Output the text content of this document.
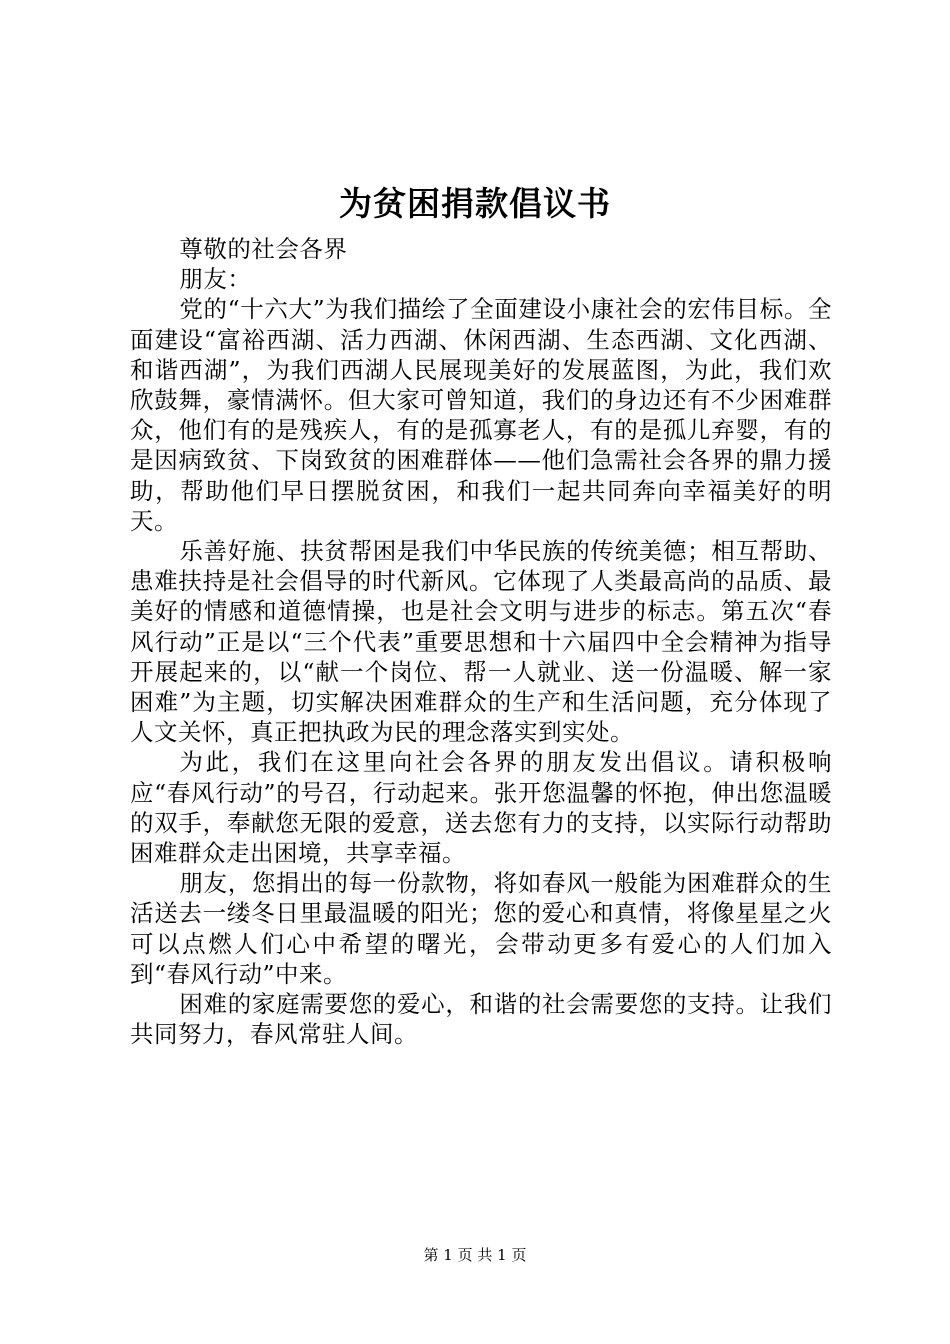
为贫困捐款倡议书

尊敬的社会各界

朋友：

党的“十六大”为我们描绘了全面建设小康社会的宏伟目标。全面建设“富裕西湖、活力西湖、休闲西湖、生态西湖、文化西湖、和谐西湖”，为我们西湖人民展现美好的发展蓝图，为此，我们欢欣鼓舞，豪情满怀。但大家可曾知道，我们的身边还有不少困难群众，他们有的是残疾人，有的是孤寡老人，有的是孤儿弃婴，有的是因病致贫、下岗致贫的困难群体——他们急需社会各界的鼎力援助，帮助他们早日摆脱贫困，和我们一起共同奔向幸福美好的明天。

乐善好施、扶贫帮困是我们中华民族的传统美德；相互帮助、患难扶持是社会倡导的时代新风。它体现了人类最高尚的品质、最美好的情感和道德情操，也是社会文明与进步的标志。第五次“春风行动”正是以“三个代表”重要思想和十六届四中全会精神为指导开展起来的，以“献一个岗位、帮一人就业、送一份温暖、解一家困难”为主题，切实解决困难群众的生产和生活问题，充分体现了人文关怀，真正把执政为民的理念落实到实处。

为此，我们在这里向社会各界的朋友发出倡议。请积极响应“春风行动”的号召，行动起来。张开您温馨的怀抱，伸出您温暖的双手，奉献您无限的爱意，送去您有力的支持，以实际行动帮助困难群众走出困境，共享幸福。

朋友，您捐出的每一份款物，将如春风一般能为困难群众的生活送去一缕冬日里最温暖的阳光；您的爱心和真情，将像星星之火可以点燃人们心中希望的曙光，会带动更多有爱心的人们加入到“春风行动”中来。

困难的家庭需要您的爱心，和谐的社会需要您的支持。让我们共同努力，春风常驻人间。

第 1 页 共 1 页
